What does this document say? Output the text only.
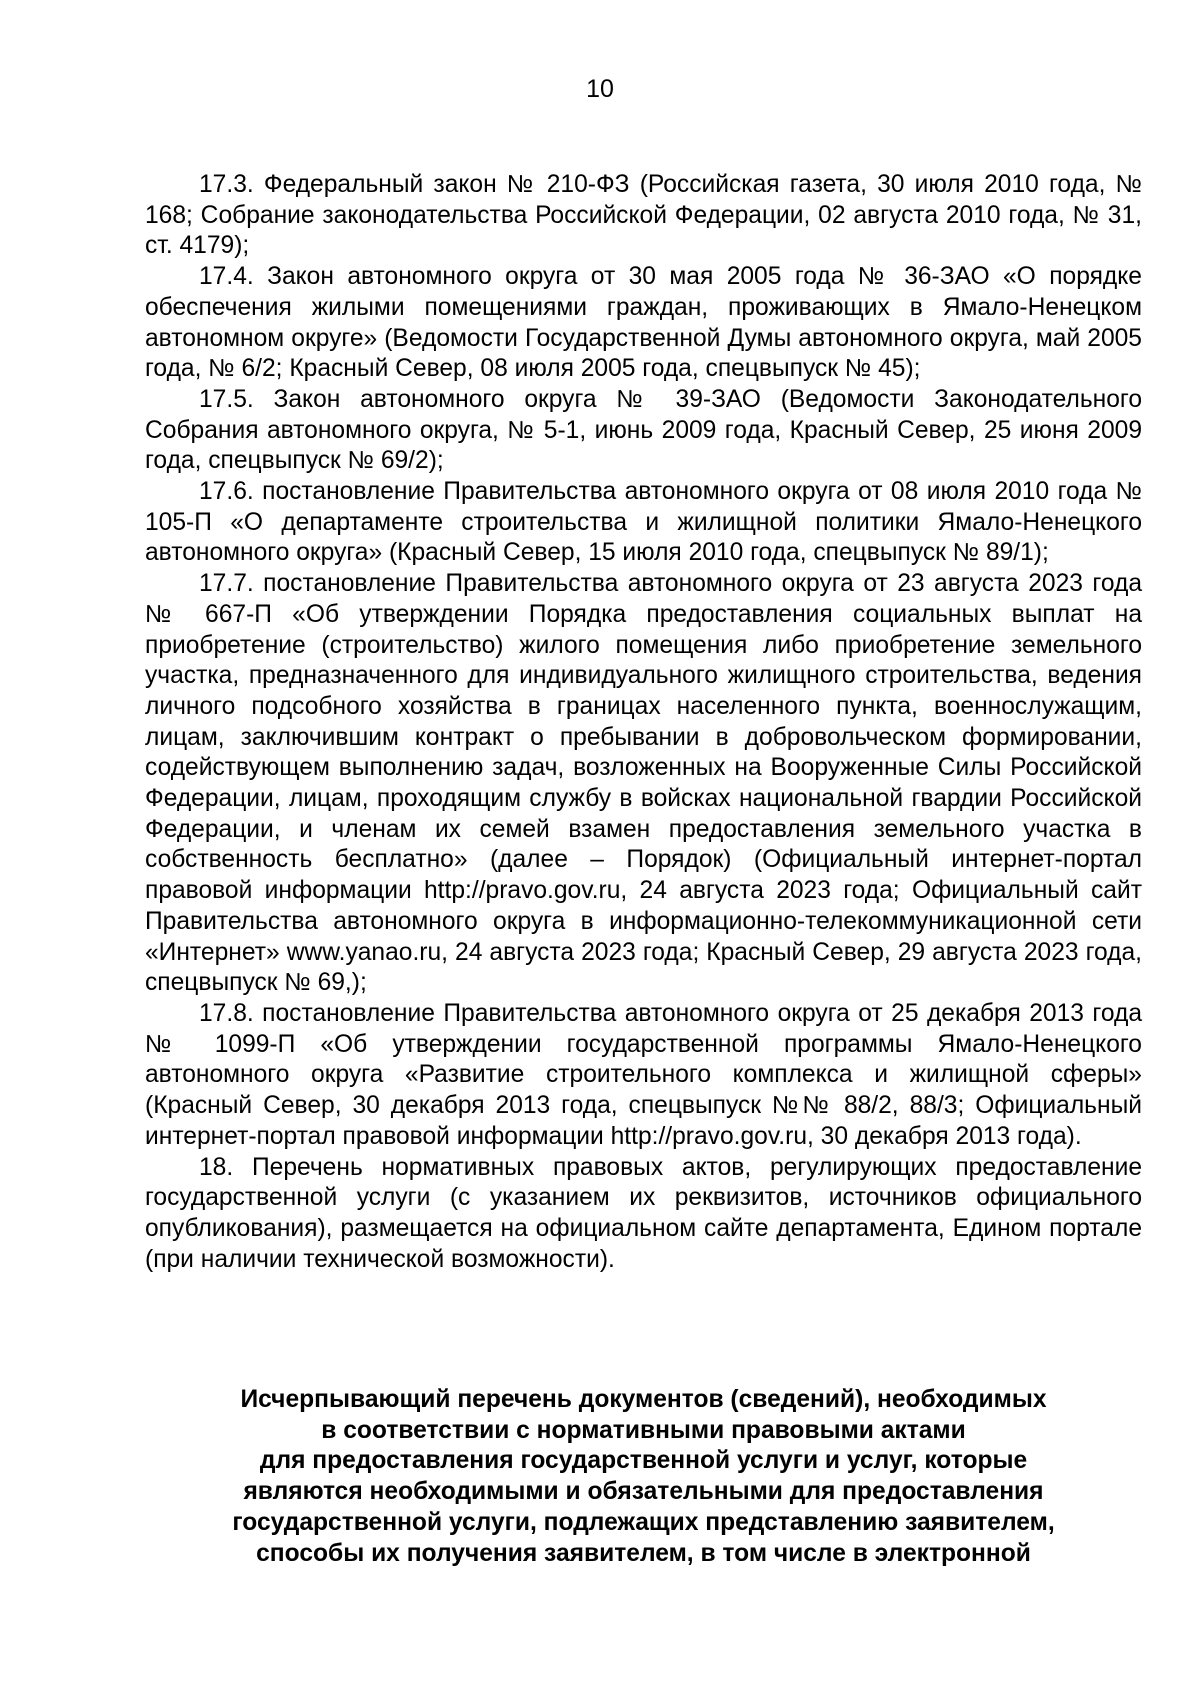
10

17.3. Федеральный закон № 210-ФЗ (Российская газета, 30 июля 2010 года, № 168; Собрание законодательства Российской Федерации, 02 августа 2010 года, № 31, ст. 4179);

17.4. Закон автономного округа от 30 мая 2005 года № 36-ЗАО «О порядке обеспечения жилыми помещениями граждан, проживающих в Ямало-Ненецком автономном округе» (Ведомости Государственной Думы автономного округа, май 2005 года, № 6/2; Красный Север, 08 июля 2005 года, спецвыпуск № 45);

17.5. Закон автономного округа № 39-ЗАО (Ведомости Законодательного Собрания автономного округа, № 5-1, июнь 2009 года, Красный Север, 25 июня 2009 года, спецвыпуск № 69/2);

17.6. постановление Правительства автономного округа от 08 июля 2010 года № 105-П «О департаменте строительства и жилищной политики Ямало-Ненецкого автономного округа» (Красный Север, 15 июля 2010 года, спецвыпуск № 89/1);

17.7. постановление Правительства автономного округа от 23 августа 2023 года № 667-П «Об утверждении Порядка предоставления социальных выплат на приобретение (строительство) жилого помещения либо приобретение земельного участка, предназначенного для индивидуального жилищного строительства, ведения личного подсобного хозяйства в границах населенного пункта, военнослужащим, лицам, заключившим контракт о пребывании в добровольческом формировании, содействующем выполнению задач, возложенных на Вооруженные Силы Российской Федерации, лицам, проходящим службу в войсках национальной гвардии Российской Федерации, и членам их семей взамен предоставления земельного участка в собственность бесплатно» (далее – Порядок) (Официальный интернет-портал правовой информации http://pravo.gov.ru, 24 августа 2023 года; Официальный сайт Правительства автономного округа в информационно-телекоммуникационной сети «Интернет» www.yanao.ru, 24 августа 2023 года; Красный Север, 29 августа 2023 года, спецвыпуск № 69,);

17.8. постановление Правительства автономного округа от 25 декабря 2013 года № 1099-П «Об утверждении государственной программы Ямало-Ненецкого автономного округа «Развитие строительного комплекса и жилищной сферы» (Красный Север, 30 декабря 2013 года, спецвыпуск №№ 88/2, 88/3; Официальный интернет-портал правовой информации http://pravo.gov.ru, 30 декабря 2013 года).

18. Перечень нормативных правовых актов, регулирующих предоставление государственной услуги (с указанием их реквизитов, источников официального опубликования), размещается на официальном сайте департамента, Едином портале (при наличии технической возможности).

Исчерпывающий перечень документов (сведений), необходимых
в соответствии с нормативными правовыми актами
для предоставления государственной услуги и услуг, которые
являются необходимыми и обязательными для предоставления
государственной услуги, подлежащих представлению заявителем,
способы их получения заявителем, в том числе в электронной
